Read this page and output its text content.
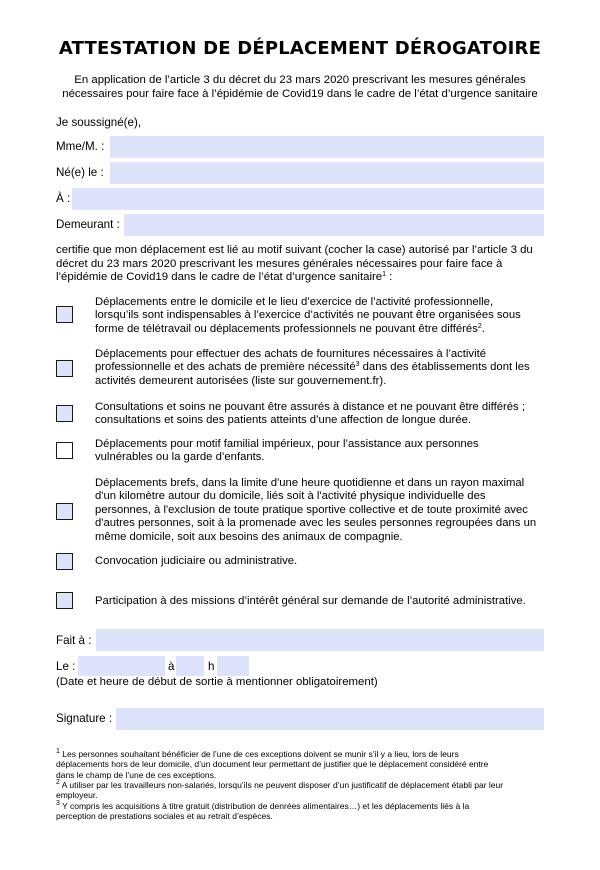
ATTESTATION DE DÉPLACEMENT DÉROGATOIRE
En application de l’article 3 du décret du 23 mars 2020 prescrivant les mesures générales
nécessaires pour faire face à l’épidémie de Covid19 dans le cadre de l’état d’urgence sanitaire
Je soussigné(e),
Mme/M. :
Né(e) le :
À :
Demeurant :
certifie que mon déplacement est lié au motif suivant (cocher la case) autorisé par l’article 3 du
décret du 23 mars 2020 prescrivant les mesures générales nécessaires pour faire face à
l’épidémie de Covid19 dans le cadre de l’état d’urgence sanitaire$^1$ :
Déplacements entre le domicile et le lieu d’exercice de l’activité professionnelle,
lorsqu’ils sont indispensables à l’exercice d’activités ne pouvant être organisées sous
forme de télétravail ou déplacements professionnels ne pouvant être différés$^2$.
Déplacements pour effectuer des achats de fournitures nécessaires à l’activité
professionnelle et des achats de première nécessité$^3$ dans des établissements dont les
activités demeurent autorisées (liste sur gouvernement.fr).
Consultations et soins ne pouvant être assurés à distance et ne pouvant être différés ;
consultations et soins des patients atteints d’une affection de longue durée.
Déplacements pour motif familial impérieux, pour l’assistance aux personnes
vulnérables ou la garde d’enfants.
Déplacements brefs, dans la limite d'une heure quotidienne et dans un rayon maximal
d'un kilomètre autour du domicile, liés soit à l'activité physique individuelle des
personnes, à l'exclusion de toute pratique sportive collective et de toute proximité avec
d'autres personnes, soit à la promenade avec les seules personnes regroupées dans un
même domicile, soit aux besoins des animaux de compagnie.
Convocation judiciaire ou administrative.
Participation à des missions d’intérêt général sur demande de l’autorité administrative.
Fait à :
Le :	à	h
(Date et heure de début de sortie à mentionner obligatoirement)
Signature :
$^1$ Les personnes souhaitant bénéficier de l’une de ces exceptions doivent se munir s’il y a lieu, lors de leurs
déplacements hors de leur domicile, d’un document leur permettant de justifier que le déplacement considéré entre
dans le champ de l’une de ces exceptions.
$^2$ A utiliser par les travailleurs non-salariés, lorsqu’ils ne peuvent disposer d’un justificatif de déplacement établi par leur
employeur.
$^3$ Y compris les acquisitions à titre gratuit (distribution de denrées alimentaires…) et les déplacements liés à la
perception de prestations sociales et au retrait d’espèces.
